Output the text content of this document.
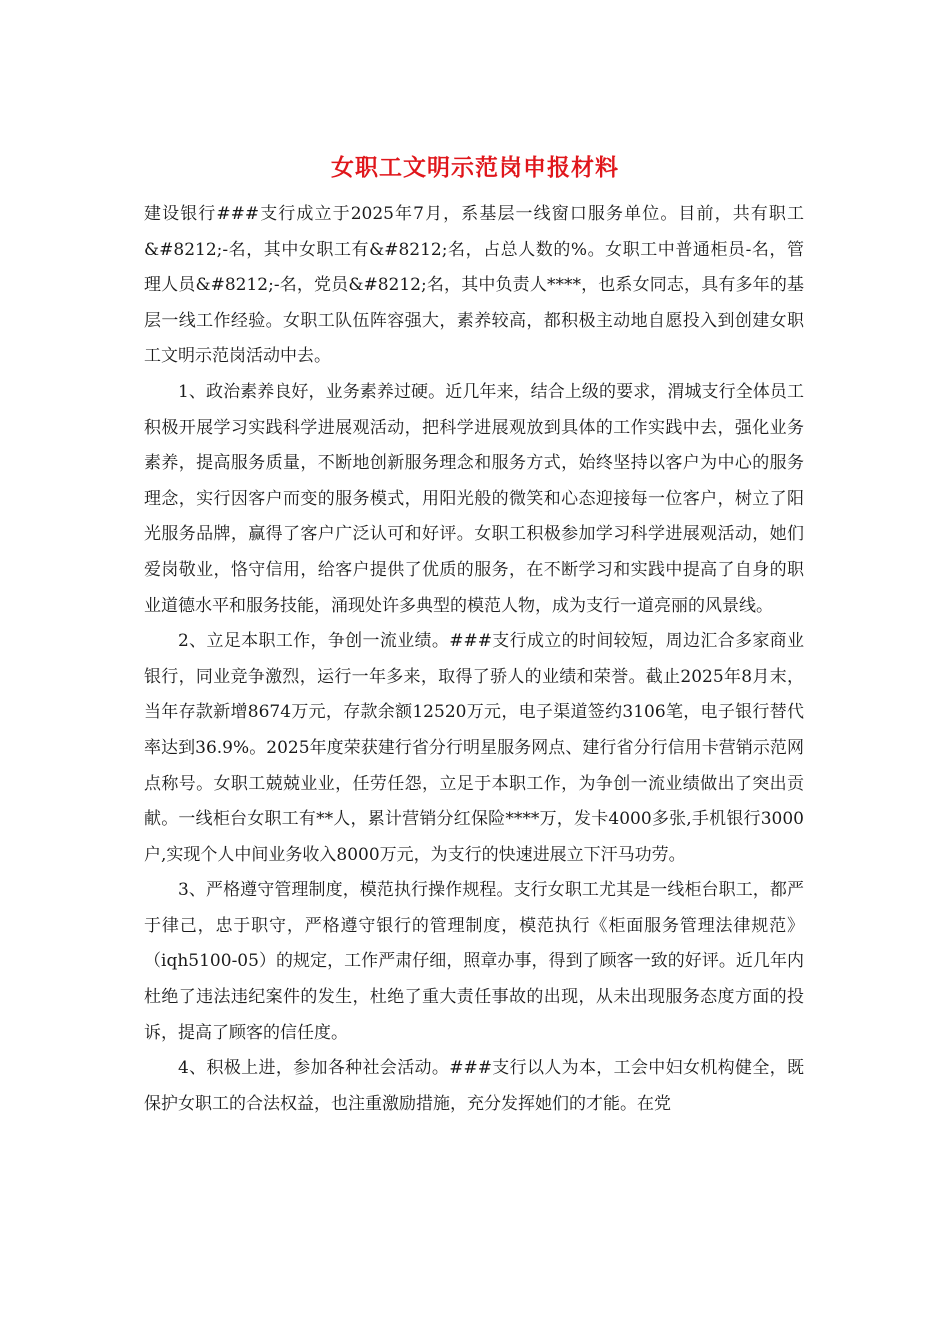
女职工文明示范岗申报材料

建设银行###支行成立于2025年7月，系基层一线窗口服务单位。目前，共有职工&#8212;-名，其中女职工有&#8212;名，占总人数的%。女职工中普通柜员-名，管理人员&#8212;-名，党员&#8212;名，其中负责人****，也系女同志，具有多年的基层一线工作经验。女职工队伍阵容强大，素养较高，都积极主动地自愿投入到创建女职工文明示范岗活动中去。

1、政治素养良好，业务素养过硬。近几年来，结合上级的要求，渭城支行全体员工积极开展学习实践科学进展观活动，把科学进展观放到具体的工作实践中去，强化业务素养，提高服务质量，不断地创新服务理念和服务方式，始终坚持以客户为中心的服务理念，实行因客户而变的服务模式，用阳光般的微笑和心态迎接每一位客户，树立了阳光服务品牌，赢得了客户广泛认可和好评。女职工积极参加学习科学进展观活动，她们爱岗敬业，恪守信用，给客户提供了优质的服务，在不断学习和实践中提高了自身的职业道德水平和服务技能，涌现处许多典型的模范人物，成为支行一道亮丽的风景线。

2、立足本职工作，争创一流业绩。###支行成立的时间较短，周边汇合多家商业银行，同业竞争激烈，运行一年多来，取得了骄人的业绩和荣誉。截止2025年8月末，当年存款新增8674万元，存款余额12520万元，电子渠道签约3106笔，电子银行替代率达到36.9%。2025年度荣获建行省分行明星服务网点、建行省分行信用卡营销示范网点称号。女职工兢兢业业，任劳任怨，立足于本职工作，为争创一流业绩做出了突出贡献。一线柜台女职工有**人，累计营销分红保险****万，发卡4000多张,手机银行3000户,实现个人中间业务收入8000万元，为支行的快速进展立下汗马功劳。

3、严格遵守管理制度，模范执行操作规程。支行女职工尤其是一线柜台职工，都严于律己，忠于职守，严格遵守银行的管理制度，模范执行《柜面服务管理法律规范》（iqh5100-05）的规定，工作严肃仔细，照章办事，得到了顾客一致的好评。近几年内杜绝了违法违纪案件的发生，杜绝了重大责任事故的出现，从未出现服务态度方面的投诉，提高了顾客的信任度。

4、积极上进，参加各种社会活动。###支行以人为本，工会中妇女机构健全，既保护女职工的合法权益，也注重激励措施，充分发挥她们的才能。在党
